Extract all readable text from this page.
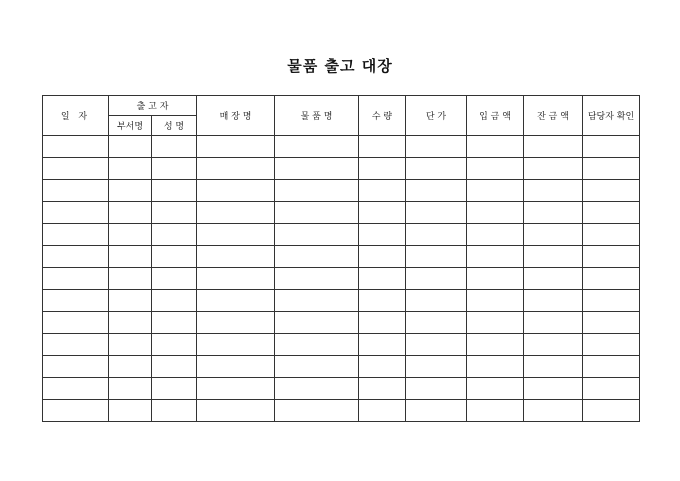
물품 출고 대장
일 자	출 고 자		매 장 명	물 품 명	수 량	단 가	입 금 액	잔 금 액	담당자 확인
	부서명	성 명							
